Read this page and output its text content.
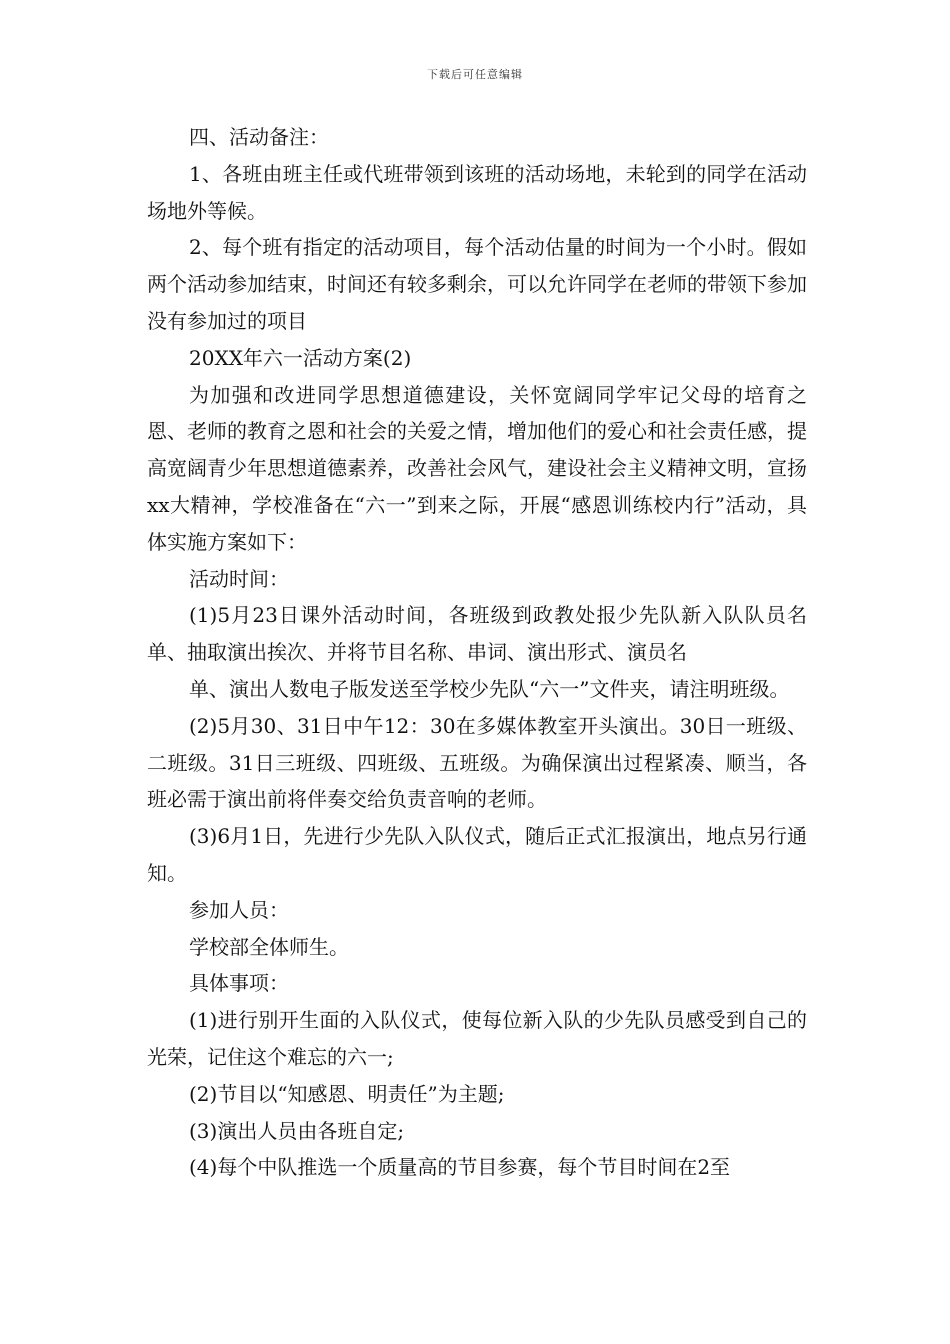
下载后可任意编辑

四、活动备注：

1、各班由班主任或代班带领到该班的活动场地，未轮到的同学在活动场地外等候。

2、每个班有指定的活动项目，每个活动估量的时间为一个小时。假如两个活动参加结束，时间还有较多剩余，可以允许同学在老师的带领下参加没有参加过的项目

20XX年六一活动方案(2)

为加强和改进同学思想道德建设，关怀宽阔同学牢记父母的培育之恩、老师的教育之恩和社会的关爱之情，增加他们的爱心和社会责任感，提高宽阔青少年思想道德素养，改善社会风气，建设社会主义精神文明，宣扬xx大精神，学校准备在“六一”到来之际，开展“感恩训练校内行”活动，具体实施方案如下：

活动时间：

(1)5月23日课外活动时间，各班级到政教处报少先队新入队队员名单、抽取演出挨次、并将节目名称、串词、演出形式、演员名

单、演出人数电子版发送至学校少先队“六一”文件夹，请注明班级。

(2)5月30、31日中午12：30在多媒体教室开头演出。30日一班级、二班级。31日三班级、四班级、五班级。为确保演出过程紧凑、顺当，各班必需于演出前将伴奏交给负责音响的老师。

(3)6月1日，先进行少先队入队仪式，随后正式汇报演出，地点另行通知。

参加人员：

学校部全体师生。

具体事项：

(1)进行别开生面的入队仪式，使每位新入队的少先队员感受到自己的光荣，记住这个难忘的六一;

(2)节目以“知感恩、明责任”为主题;

(3)演出人员由各班自定;

(4)每个中队推选一个质量高的节目参赛，每个节目时间在2至
